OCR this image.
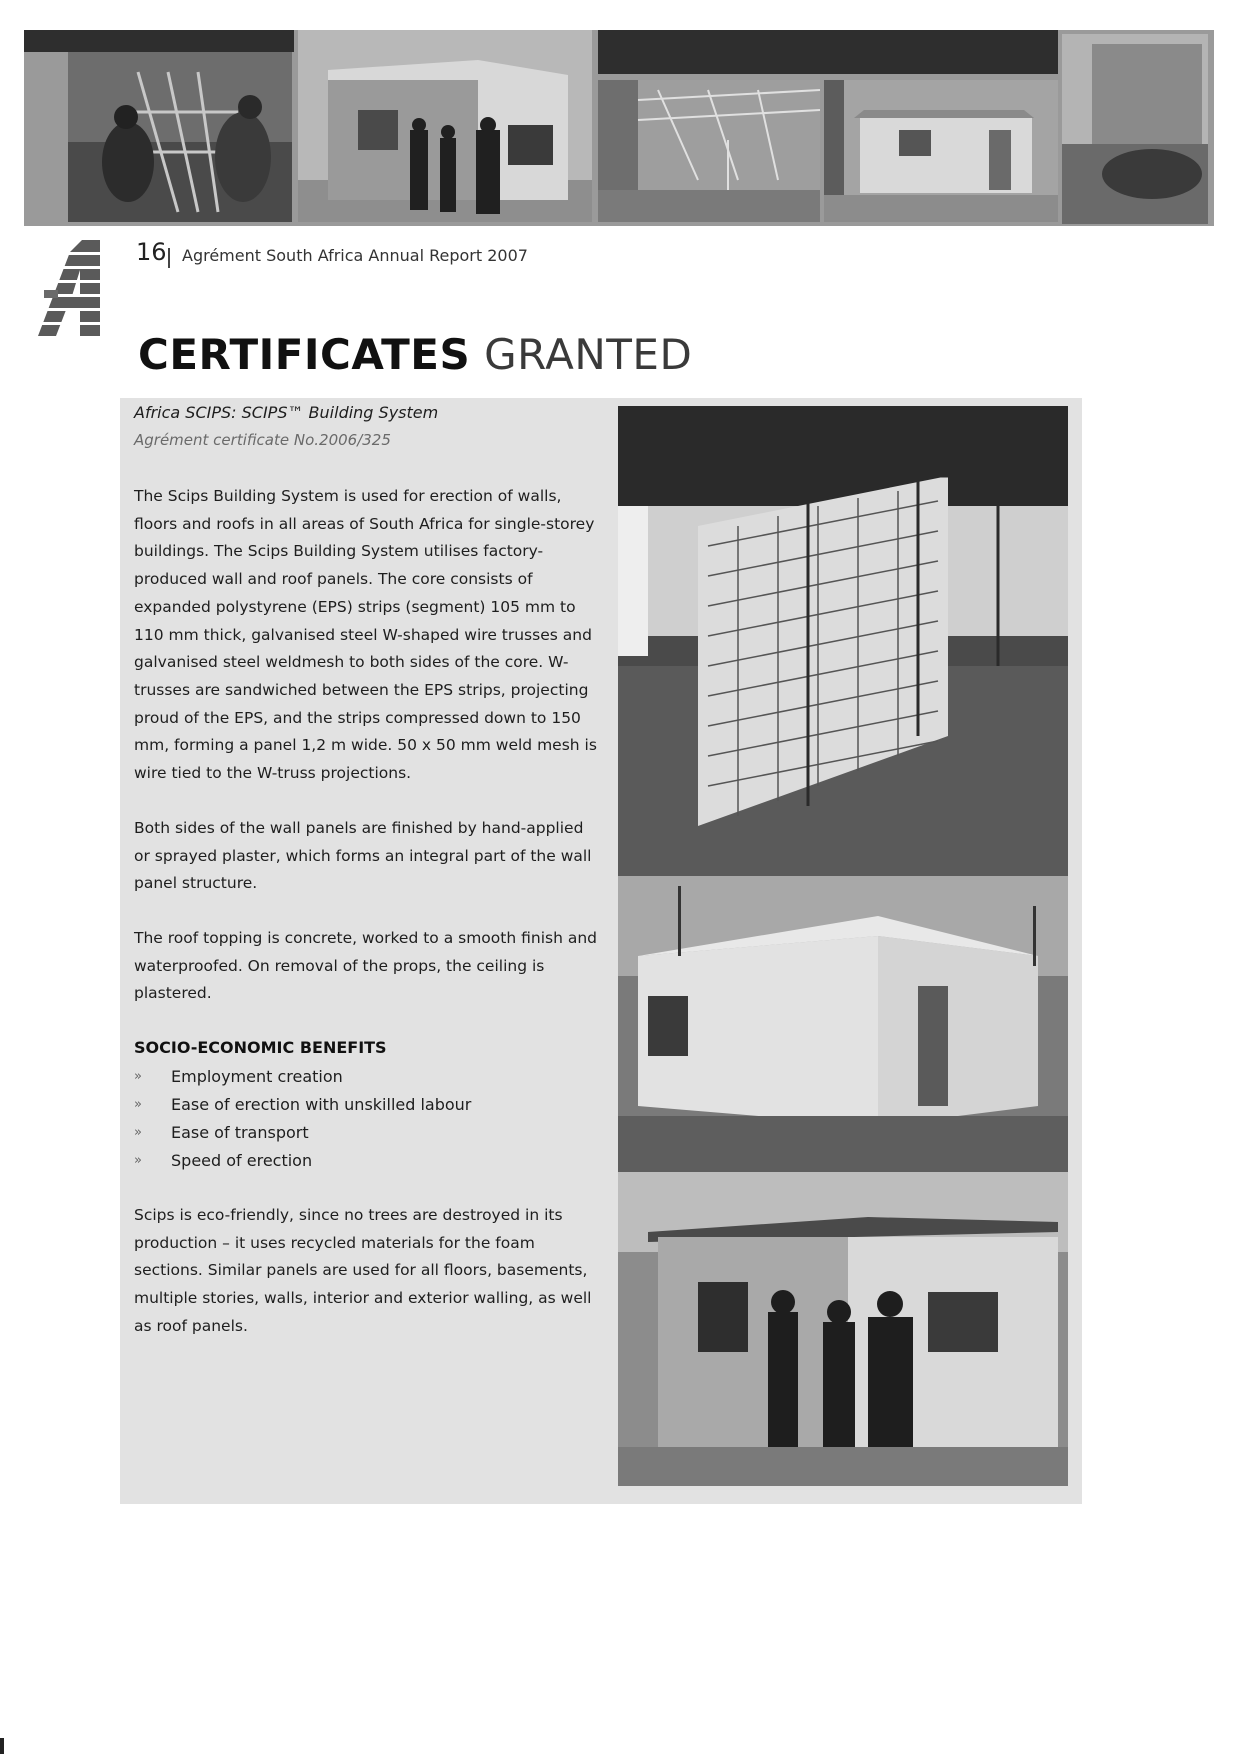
16 Agrément South Africa Annual Report 2007
CERTIFICATES GRANTED
Africa SCIPS: SCIPS™ Building System
Agrément certificate No.2006/325
The Scips Building System is used for erection of walls, floors and roofs in all areas of South Africa for single-storey buildings. The Scips Building System utilises factory-produced wall and roof panels. The core consists of expanded polystyrene (EPS) strips (segment) 105 mm to 110 mm thick, galvanised steel W-shaped wire trusses and galvanised steel weldmesh to both sides of the core. W-trusses are sandwiched between the EPS strips, projecting proud of the EPS, and the strips compressed down to 150 mm, forming a panel 1,2 m wide. 50 x 50 mm weld mesh is wire tied to the W-truss projections.
Both sides of the wall panels are finished by hand-applied or sprayed plaster, which forms an integral part of the wall panel structure.
The roof topping is concrete, worked to a smooth finish and waterproofed. On removal of the props, the ceiling is plastered.
SOCIO-ECONOMIC BENEFITS
» Employment creation
» Ease of erection with unskilled labour
» Ease of transport
» Speed of erection
Scips is eco-friendly, since no trees are destroyed in its production – it uses recycled materials for the foam sections. Similar panels are used for all floors, basements, multiple stories, walls, interior and exterior walling, as well as roof panels.
